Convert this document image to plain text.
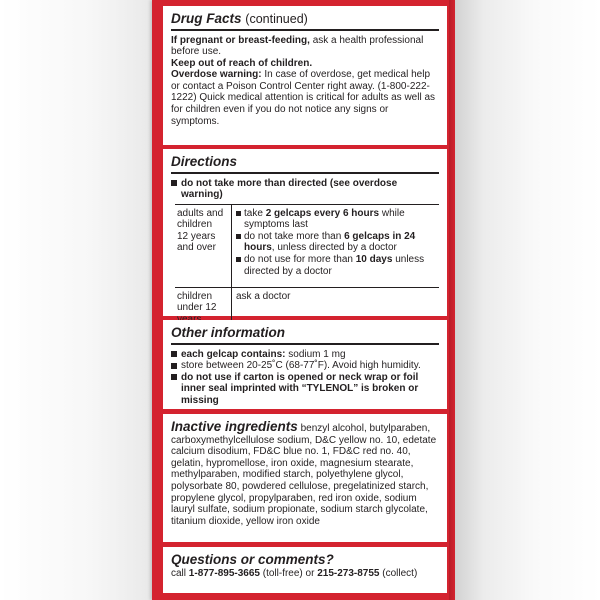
Drug Facts (continued)
If pregnant or breast-feeding, ask a health professional before use.
Keep out of reach of children.
Overdose warning: In case of overdose, get medical help or contact a Poison Control Center right away. (1-800-222-1222) Quick medical attention is critical for adults as well as for children even if you do not notice any signs or symptoms.
Directions
do not take more than directed (see overdose warning)
adults and children 12 years and over
take 2 gelcaps every 6 hours while symptoms last
do not take more than 6 gelcaps in 24 hours, unless directed by a doctor
do not use for more than 10 days unless directed by a doctor
children under 12
ask a doctor
Other information
each gelcap contains: sodium 1 mg
store between 20-25˚C (68-77˚F). Avoid high humidity.
do not use if carton is opened or neck wrap or foil inner seal imprinted with “TYLENOL” is broken or missing
Inactive ingredients benzyl alcohol, butylparaben, carboxymethylcellulose sodium, D&C yellow no. 10, edetate calcium disodium, FD&C blue no. 1, FD&C red no. 40, gelatin, hypromellose, iron oxide, magnesium stearate, methylparaben, modified starch, polyethylene glycol, polysorbate 80, powdered cellulose, pregelatinized starch, propylene glycol, propylparaben, red iron oxide, sodium lauryl sulfate, sodium propionate, sodium starch glycolate, titanium dioxide, yellow iron oxide
Questions or comments?
call 1-877-895-3665 (toll-free) or 215-273-8755 (collect)
